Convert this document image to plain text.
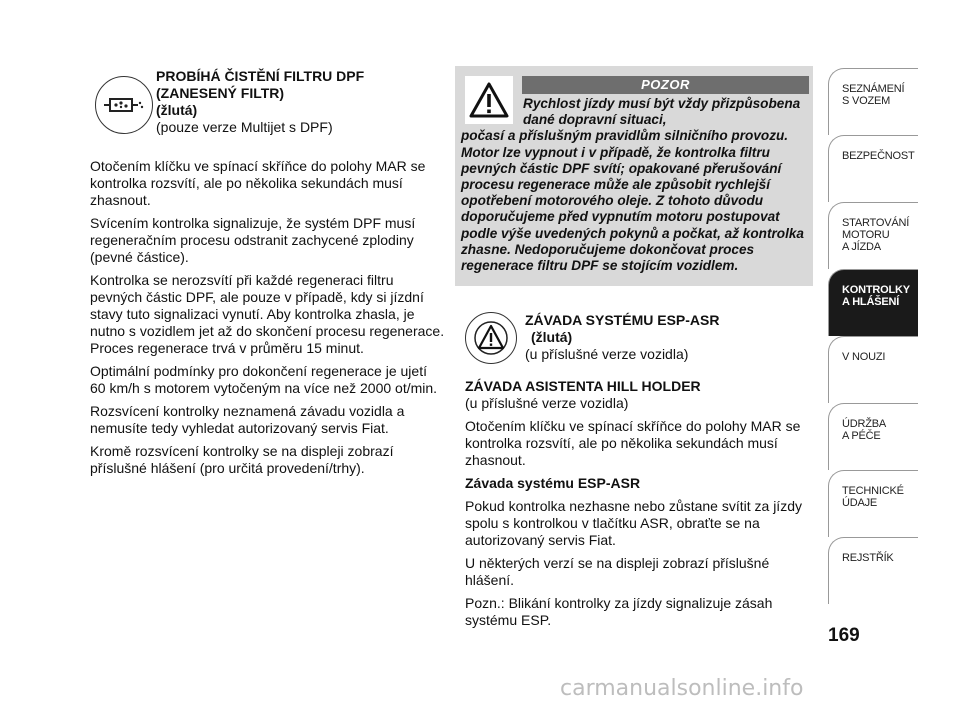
PROBÍHÁ ČISTĚNÍ FILTRU DPF
(ZANESENÝ FILTR)
(žlutá)
(pouze verze Multijet s DPF)

Otočením klíčku ve spínací skříňce do polohy MAR se kontrolka rozsvítí, ale po několika sekundách musí zhasnout.

Svícením kontrolka signalizuje, že systém DPF musí regeneračním procesu odstranit zachycené zplodiny (pevné částice).

Kontrolka se nerozsvítí při každé regeneraci filtru pevných částic DPF, ale pouze v případě, kdy si jízdní stavy tuto signalizaci vynutí. Aby kontrolka zhasla, je nutno s vozidlem jet až do skončení procesu regenerace. Proces regenerace trvá v průměru 15 minut.

Optimální podmínky pro dokončení regenerace je ujetí 60 km/h s motorem vytočeným na více než 2000 ot/min.

Rozsvícení kontrolky neznamená závadu vozidla a nemusíte tedy vyhledat autorizovaný servis Fiat.

Kromě rozsvícení kontrolky se na displeji zobrazí příslušné hlášení (pro určitá provedení/trhy).

POZOR
Rychlost jízdy musí být vždy přizpůsobena dané dopravní situaci,
počasí a příslušným pravidlům silničního provozu. Motor lze vypnout i v případě, že kontrolka filtru pevných částic DPF svítí; opakované přerušování procesu regenerace může ale způsobit rychlejší opotřebení motorového oleje. Z tohoto důvodu doporučujeme před vypnutím motoru postupovat podle výše uvedených pokynů a počkat, až kontrolka zhasne. Nedoporučujeme dokončovat proces regenerace filtru DPF se stojícím vozidlem.
ZÁVADA SYSTÉMU ESP-ASR
(žlutá)
(u příslušné verze vozidla)
ZÁVADA ASISTENTA HILL HOLDER

(u příslušné verze vozidla)

Otočením klíčku ve spínací skříňce do polohy MAR se kontrolka rozsvítí, ale po několika sekundách musí zhasnout.

Závada systému ESP-ASR

Pokud kontrolka nezhasne nebo zůstane svítit za jízdy spolu s kontrolkou v tlačítku ASR, obraťte se na autorizovaný servis Fiat.

U některých verzí se na displeji zobrazí příslušné hlášení.

Pozn.: Blikání kontrolky za jízdy signalizuje zásah systému ESP.

SEZNÁMENÍ
S VOZEM
BEZPEČNOST
STARTOVÁNÍ
MOTORU
A JÍZDA
KONTROLKY
A HLÁŠENÍ
V NOUZI
ÚDRŽBA
A PÉČE
TECHNICKÉ
ÚDAJE
REJSTŘÍK
169
carmanualsonline.info
